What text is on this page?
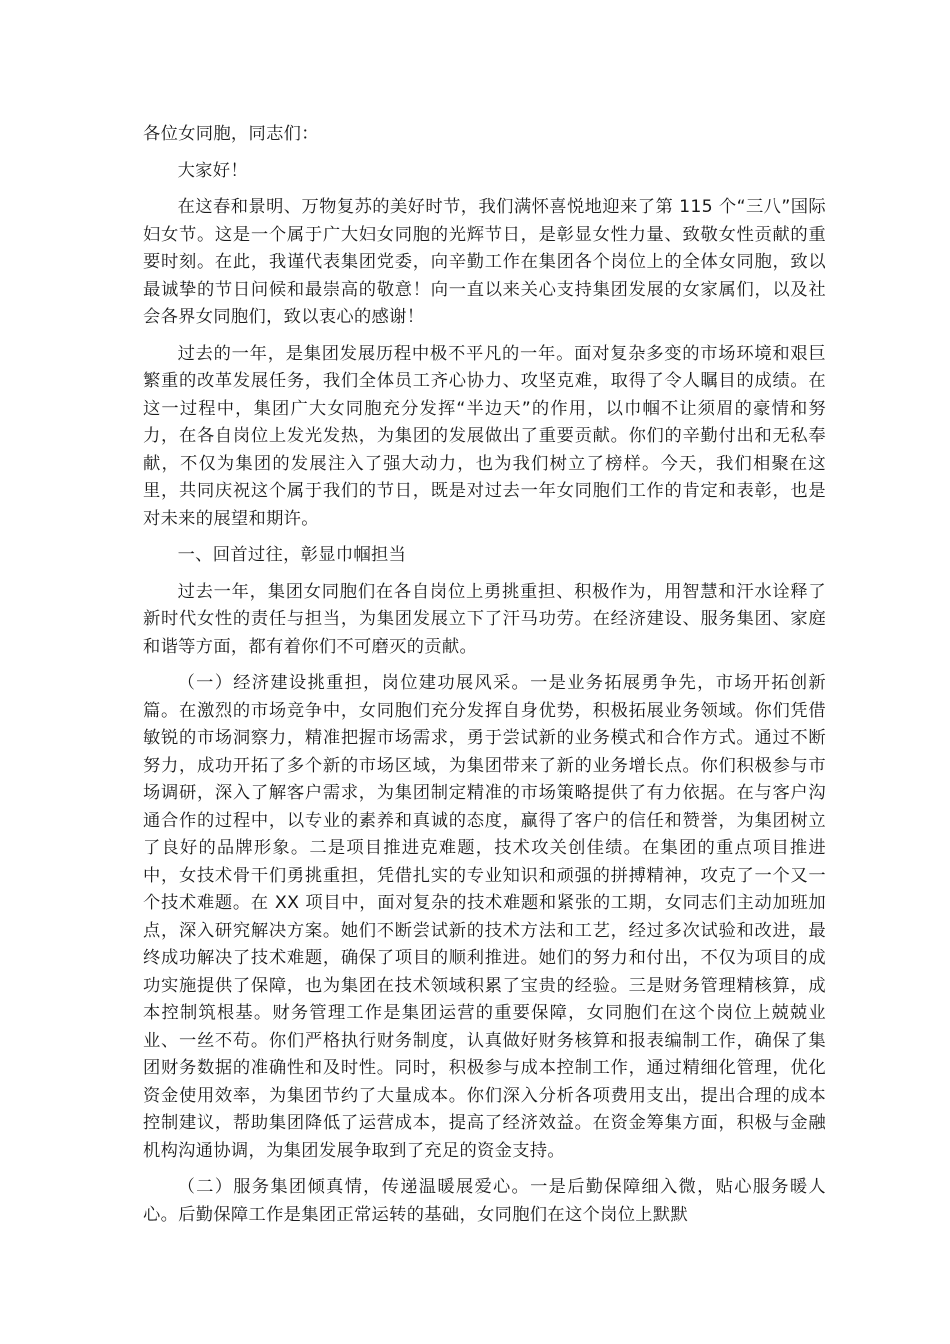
各位女同胞，同志们：

大家好！

在这春和景明、万物复苏的美好时节，我们满怀喜悦地迎来了第 115 个“三八”国际妇女节。这是一个属于广大妇女同胞的光辉节日，是彰显女性力量、致敬女性贡献的重要时刻。在此，我谨代表集团党委，向辛勤工作在集团各个岗位上的全体女同胞，致以最诚挚的节日问候和最崇高的敬意！向一直以来关心支持集团发展的女家属们，以及社会各界女同胞们，致以衷心的感谢！

过去的一年，是集团发展历程中极不平凡的一年。面对复杂多变的市场环境和艰巨繁重的改革发展任务，我们全体员工齐心协力、攻坚克难，取得了令人瞩目的成绩。在这一过程中，集团广大女同胞充分发挥“半边天”的作用，以巾帼不让须眉的豪情和努力，在各自岗位上发光发热，为集团的发展做出了重要贡献。你们的辛勤付出和无私奉献，不仅为集团的发展注入了强大动力，也为我们树立了榜样。今天，我们相聚在这里，共同庆祝这个属于我们的节日，既是对过去一年女同胞们工作的肯定和表彰，也是对未来的展望和期许。

一、回首过往，彰显巾帼担当

过去一年，集团女同胞们在各自岗位上勇挑重担、积极作为，用智慧和汗水诠释了新时代女性的责任与担当，为集团发展立下了汗马功劳。在经济建设、服务集团、家庭和谐等方面，都有着你们不可磨灭的贡献。

（一）经济建设挑重担，岗位建功展风采。一是业务拓展勇争先，市场开拓创新篇。在激烈的市场竞争中，女同胞们充分发挥自身优势，积极拓展业务领域。你们凭借敏锐的市场洞察力，精准把握市场需求，勇于尝试新的业务模式和合作方式。通过不断努力，成功开拓了多个新的市场区域，为集团带来了新的业务增长点。你们积极参与市场调研，深入了解客户需求，为集团制定精准的市场策略提供了有力依据。在与客户沟通合作的过程中，以专业的素养和真诚的态度，赢得了客户的信任和赞誉，为集团树立了良好的品牌形象。二是项目推进克难题，技术攻关创佳绩。在集团的重点项目推进中，女技术骨干们勇挑重担，凭借扎实的专业知识和顽强的拼搏精神，攻克了一个又一个技术难题。在 XX 项目中，面对复杂的技术难题和紧张的工期，女同志们主动加班加点，深入研究解决方案。她们不断尝试新的技术方法和工艺，经过多次试验和改进，最终成功解决了技术难题，确保了项目的顺利推进。她们的努力和付出，不仅为项目的成功实施提供了保障，也为集团在技术领域积累了宝贵的经验。三是财务管理精核算，成本控制筑根基。财务管理工作是集团运营的重要保障，女同胞们在这个岗位上兢兢业业、一丝不苟。你们严格执行财务制度，认真做好财务核算和报表编制工作，确保了集团财务数据的准确性和及时性。同时，积极参与成本控制工作，通过精细化管理，优化资金使用效率，为集团节约了大量成本。你们深入分析各项费用支出，提出合理的成本控制建议，帮助集团降低了运营成本，提高了经济效益。在资金筹集方面，积极与金融机构沟通协调，为集团发展争取到了充足的资金支持。

（二）服务集团倾真情，传递温暖展爱心。一是后勤保障细入微，贴心服务暖人心。后勤保障工作是集团正常运转的基础，女同胞们在这个岗位上默默
